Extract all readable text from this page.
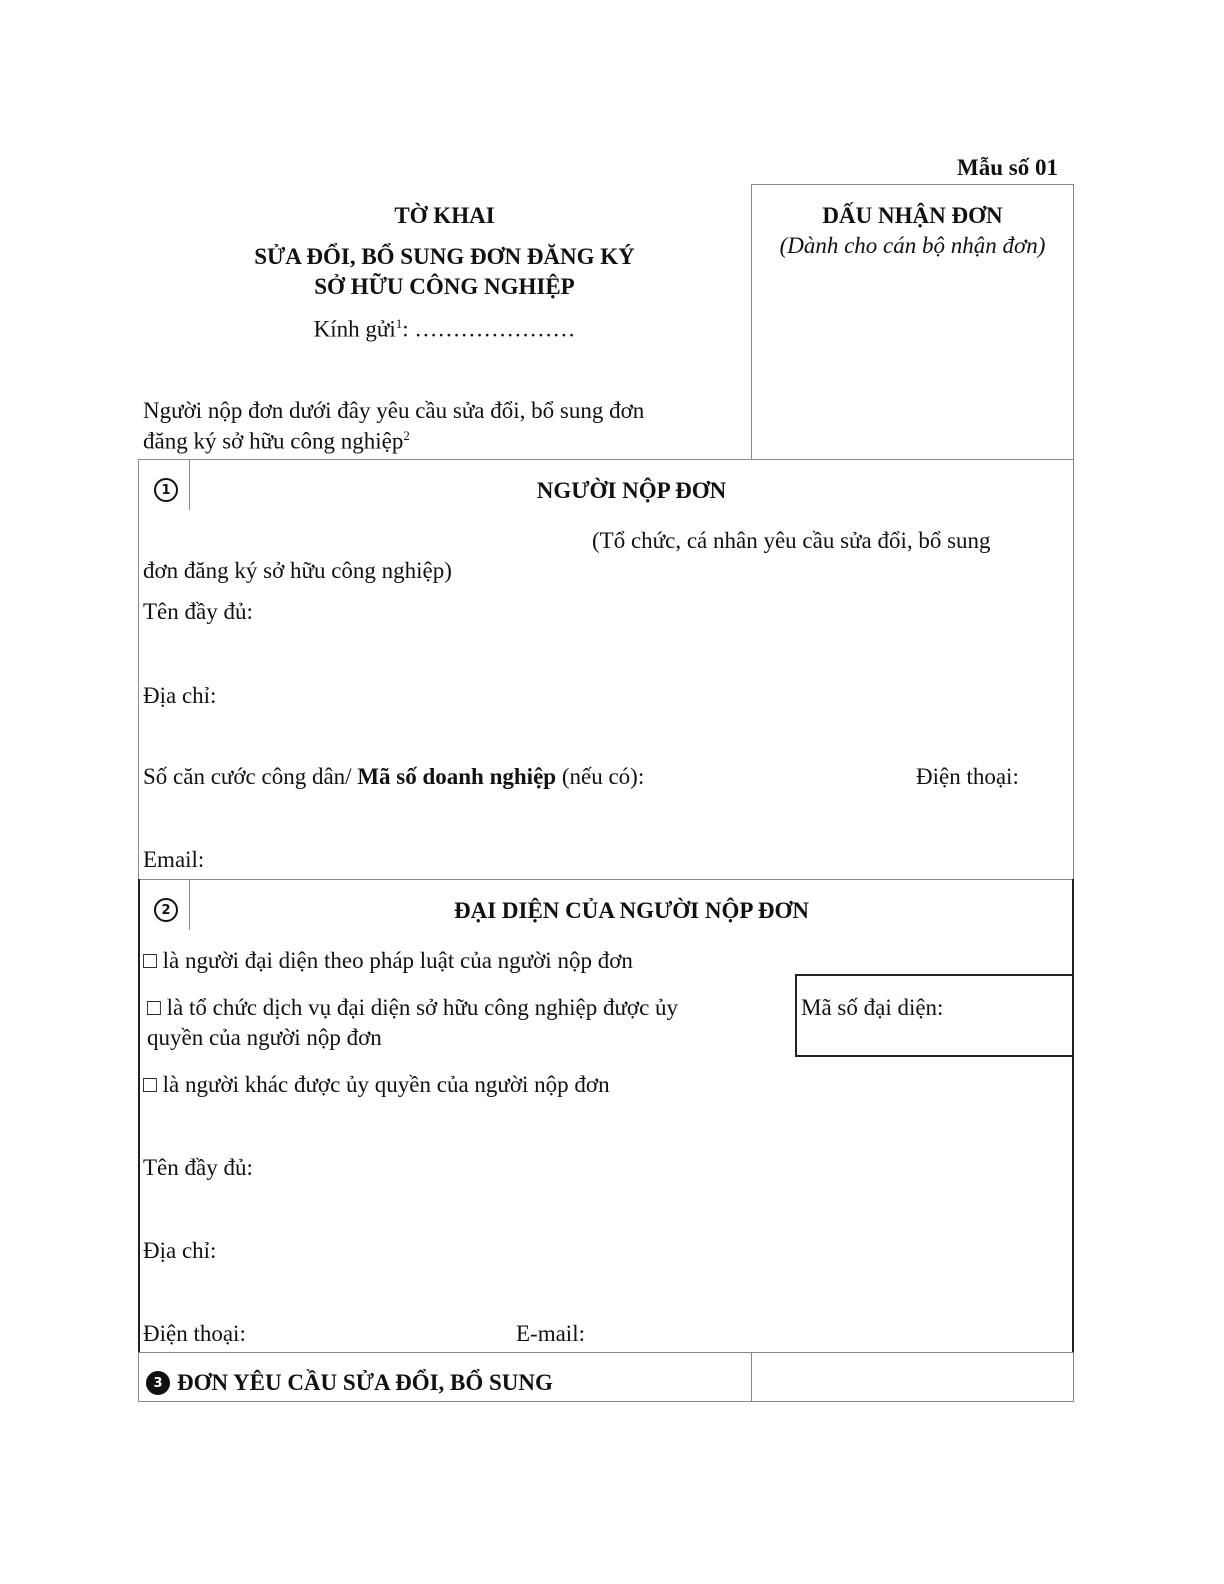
Mẫu số 01
TỜ KHAI
SỬA ĐỔI, BỔ SUNG ĐƠN ĐĂNG KÝ
SỞ HỮU CÔNG NGHIỆP
Kính gửi$^1$: …………………
Người nộp đơn dưới đây yêu cầu sửa đổi, bổ sung đơn
đăng ký sở hữu công nghiệp$^2$
DẤU NHẬN ĐƠN
(Dành cho cán bộ nhận đơn)
1	NGƯỜI NỘP ĐƠN
(Tổ chức, cá nhân yêu cầu sửa đổi, bổ sung
đơn đăng ký sở hữu công nghiệp)
Tên đầy đủ:
Địa chỉ:
Số căn cước công dân/ Mã số doanh nghiệp (nếu có):	Điện thoại:
Email:
2	ĐẠI DIỆN CỦA NGƯỜI NỘP ĐƠN
□ là người đại diện theo pháp luật của người nộp đơn
□ là tổ chức dịch vụ đại diện sở hữu công nghiệp được ủy
quyền của người nộp đơn
□ là người khác được ủy quyền của người nộp đơn
Mã số đại diện:
Tên đầy đủ:
Địa chỉ:
Điện thoại:	E-mail:
3 ĐƠN YÊU CẦU SỬA ĐỔI, BỔ SUNG
